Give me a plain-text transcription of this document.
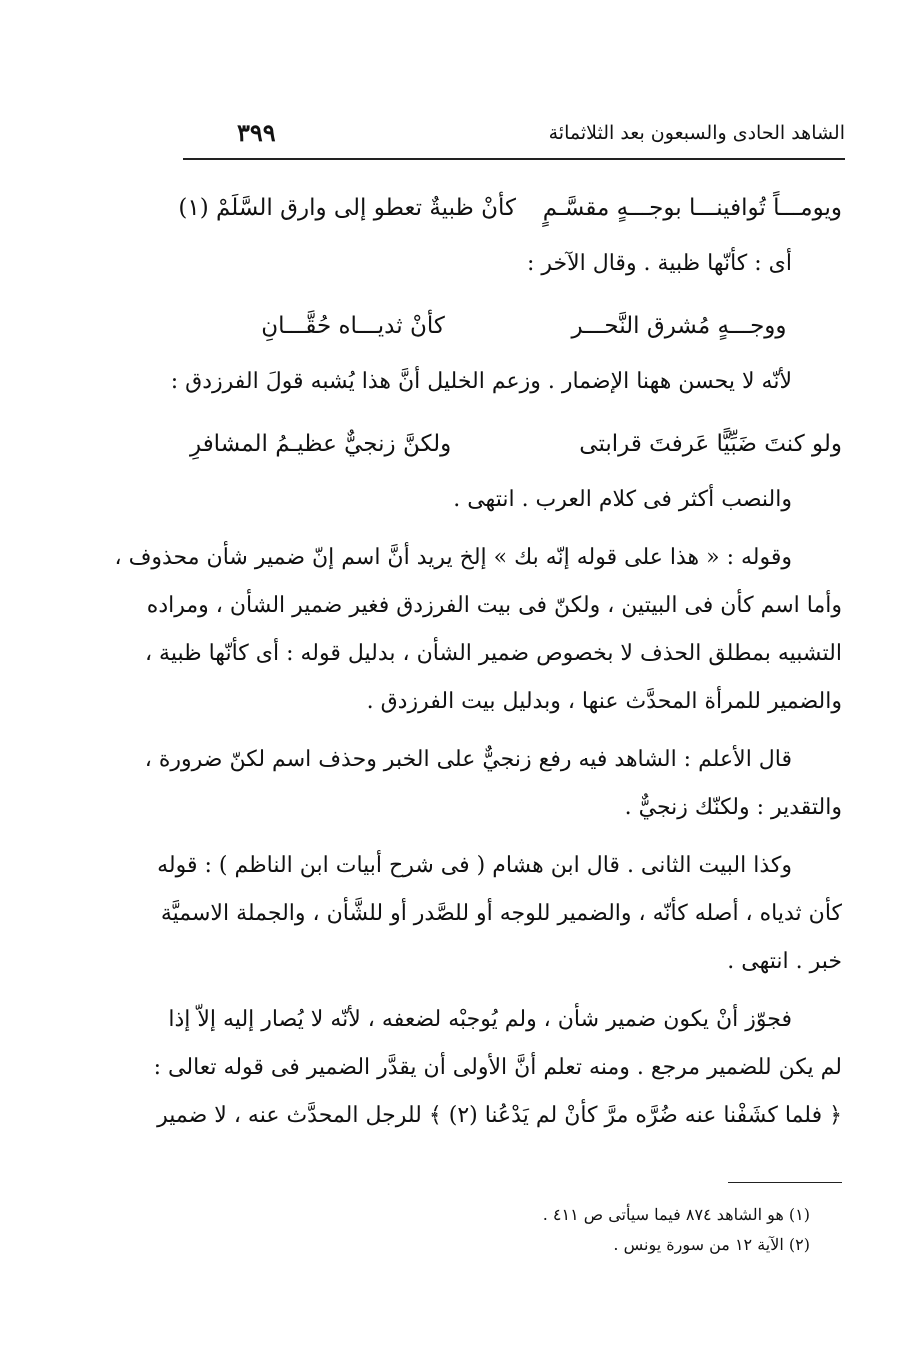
الشاهد الحادى والسبعون بعد الثلاثمائة
٣٩٩
ويومـــاً تُوافينـــا بوجـــهٍ مقسَّـمٍ
كأنْ ظبيةٌ تعطو إلى وارق السَّلَمْ (١)
أى : كأنّها ظبية . وقال الآخر :
ووجـــهٍ مُشرق النَّحـــر
كأنْ ثديـــاه حُقَّـــانِ
لأنّه لا يحسن ههنا الإضمار . وزعم الخليل أنَّ هذا يُشبه قولَ الفرزدق :
ولو كنتَ ضَبِّيًّا عَرفتَ قرابتى
ولكنَّ زنجيٌّ عظيـمُ المشافرِ
والنصب أكثر فى كلام العرب . انتهى .
وقوله : « هذا على قوله إنّه بك » إلخ يريد أنَّ اسم إنّ ضمير شأن محذوف ،
وأما اسم كأن فى البيتين ، ولكنّ فى بيت الفرزدق فغير ضمير الشأن ، ومراده
التشبيه بمطلق الحذف لا بخصوص ضمير الشأن ، بدليل قوله : أى كأنّها ظبية ،
والضمير للمرأة المحدَّث عنها ، وبدليل بيت الفرزدق .
قال الأعلم : الشاهد فيه رفع زنجيٌّ على الخبر وحذف اسم لكنّ ضرورة ،
والتقدير : ولكنّك زنجيٌّ .
وكذا البيت الثانى . قال ابن هشام ( فى شرح أبيات ابن الناظم ) : قوله
كأن ثدياه ، أصله كأنّه ، والضمير للوجه أو للصَّدر أو للشَّأن ، والجملة الاسميَّة
خبر . انتهى .
فجوّز أنْ يكون ضمير شأن ، ولم يُوجبْه لضعفه ، لأنّه لا يُصار إليه إلاّ إذا
لم يكن للضمير مرجع . ومنه تعلم أنَّ الأولى أن يقدَّر الضمير فى قوله تعالى :
﴿ فلما كشَفْنا عنه ضُرَّه مرَّ كأنْ لم يَدْعُنا (٢) ﴾ للرجل المحدَّث عنه ، لا ضمير
(١) هو الشاهد ٨٧٤ فيما سيأتى ص ٤١١ .
(٢) الآية ١٢ من سورة يونس .
